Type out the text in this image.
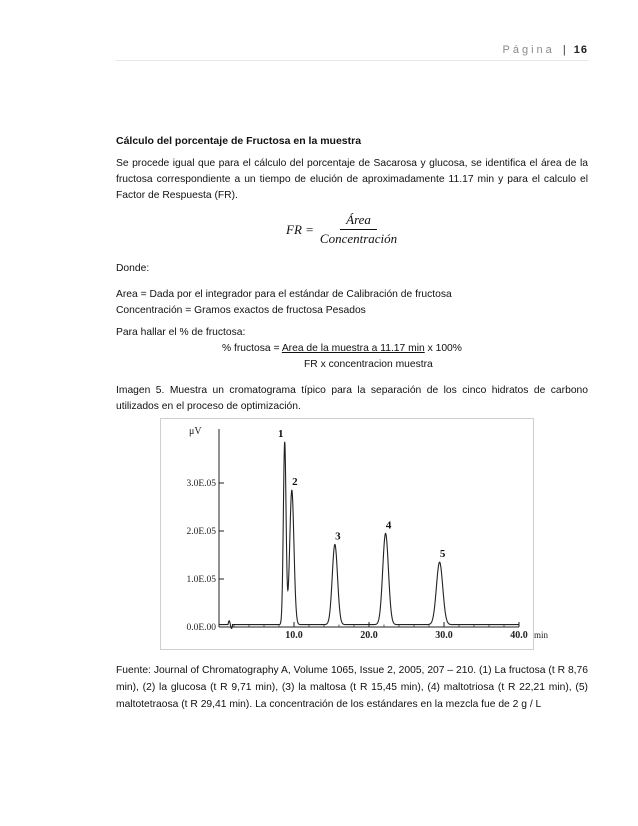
Página | 16
Cálculo del porcentaje de Fructosa en la muestra

Se procede igual que para el cálculo del porcentaje de Sacarosa y glucosa, se identifica el área de la fructosa correspondiente a un tiempo de elución de aproximadamente 11.17 min y para el calculo el Factor de Respuesta (FR).

FR = $\frac{\text{Área}}{\text{Concentración}}$

Donde:

Area = Dada por el integrador para el estándar de Calibración de fructosa

Concentración = Gramos exactos de fructosa Pesados

Para hallar el % de fructosa:

% fructosa = Area de la muestra a 11.17 min x 100%

FR x concentracion muestra

Imagen 5. Muestra un cromatograma típico para la separación de los cinco hidratos de carbono utilizados en el proceso de optimización.

μV
0.0E.00
1.0E.05
2.0E.05
3.0E.05
10.0	20.0	30.0	40.0 min
1
2
3
4
5

Fuente: Journal of Chromatography A, Volume 1065, Issue 2, 2005, 207 – 210. (1) La fructosa (t R 8,76 min), (2) la glucosa (t R 9,71 min), (3) la maltosa (t R 15,45 min), (4) maltotriosa (t R 22,21 min), (5) maltotetraosa (t R 29,41 min). La concentración de los estándares en la mezcla fue de 2 g / L
